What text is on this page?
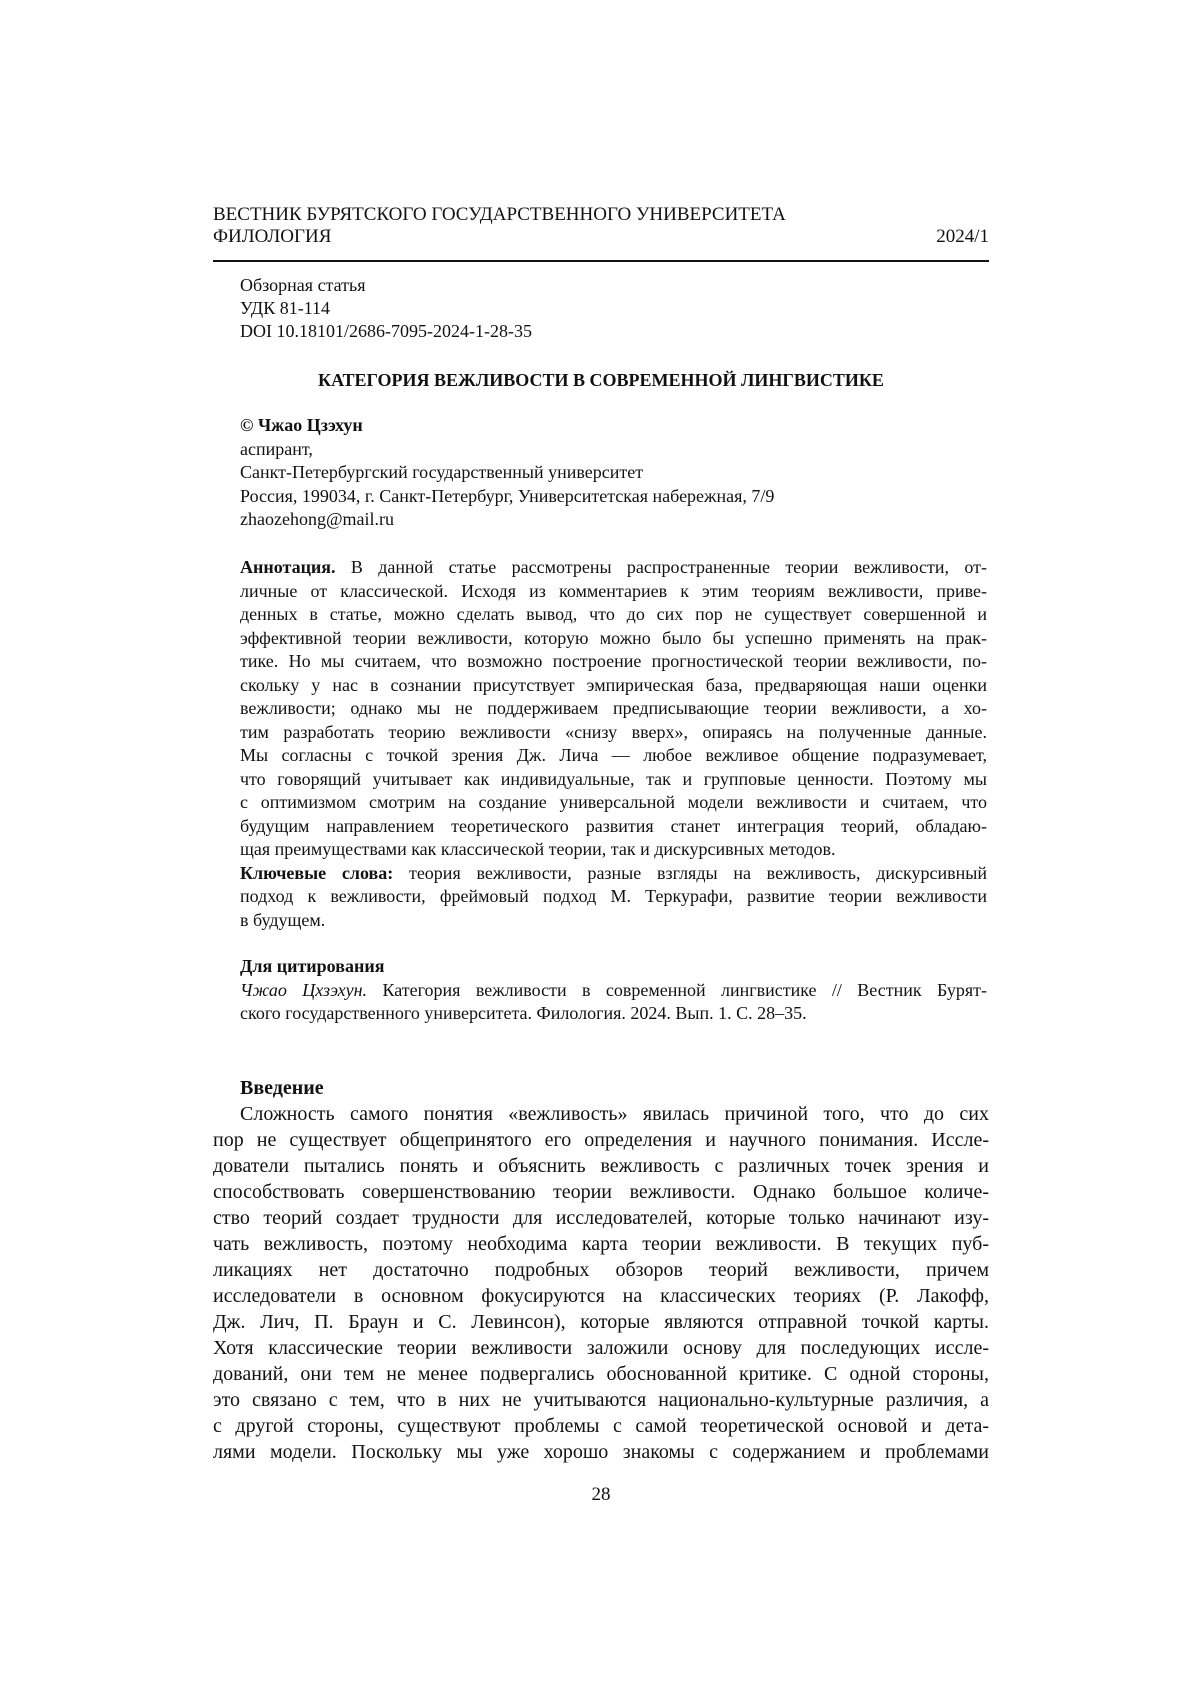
ВЕСТНИК БУРЯТСКОГО ГОСУДАРСТВЕННОГО УНИВЕРСИТЕТА
ФИЛОЛОГИЯ	2024/1
Обзорная статья
УДК 81-114
DOI 10.18101/2686-7095-2024-1-28-35
КАТЕГОРИЯ ВЕЖЛИВОСТИ В СОВРЕМЕННОЙ ЛИНГВИСТИКЕ
© Чжао Цзэхун
аспирант,
Санкт-Петербургский государственный университет
Россия, 199034, г. Санкт-Петербург, Университетская набережная, 7/9
zhaozehong@mail.ru
Аннотация. В данной статье рассмотрены распространенные теории вежливости, от-
личные от классической. Исходя из комментариев к этим теориям вежливости, приве-
денных в статье, можно сделать вывод, что до сих пор не существует совершенной и
эффективной теории вежливости, которую можно было бы успешно применять на прак-
тике. Но мы считаем, что возможно построение прогностической теории вежливости, по-
скольку у нас в сознании присутствует эмпирическая база, предваряющая наши оценки
вежливости; однако мы не поддерживаем предписывающие теории вежливости, а хо-
тим разработать теорию вежливости «снизу вверх», опираясь на полученные данные.
Мы согласны с точкой зрения Дж. Лича — любое вежливое общение подразумевает,
что говорящий учитывает как индивидуальные, так и групповые ценности. Поэтому мы
с оптимизмом смотрим на создание универсальной модели вежливости и считаем, что
будущим направлением теоретического развития станет интеграция теорий, обладаю-
щая преимуществами как классической теории, так и дискурсивных методов.
Ключевые слова: теория вежливости, разные взгляды на вежливость, дискурсивный
подход к вежливости, фреймовый подход М. Теркурафи, развитие теории вежливости
в будущем.
Для цитирования
Чжао Цхзэхун. Категория вежливости в современной лингвистике // Вестник Бурят-
ского государственного университета. Филология. 2024. Вып. 1. С. 28–35.
Введение
Сложность самого понятия «вежливость» явилась причиной того, что до сих
пор не существует общепринятого его определения и научного понимания. Иссле-
дователи пытались понять и объяснить вежливость с различных точек зрения и
способствовать совершенствованию теории вежливости. Однако большое количе-
ство теорий создает трудности для исследователей, которые только начинают изу-
чать вежливость, поэтому необходима карта теории вежливости. В текущих пуб-
ликациях нет достаточно подробных обзоров теорий вежливости, причем
исследователи в основном фокусируются на классических теориях (Р. Лакофф,
Дж. Лич, П. Браун и С. Левинсон), которые являются отправной точкой карты.
Хотя классические теории вежливости заложили основу для последующих иссле-
дований, они тем не менее подвергались обоснованной критике. С одной стороны,
это связано с тем, что в них не учитываются национально-культурные различия, а
с другой стороны, существуют проблемы с самой теоретической основой и дета-
лями модели. Поскольку мы уже хорошо знакомы с содержанием и проблемами
28
